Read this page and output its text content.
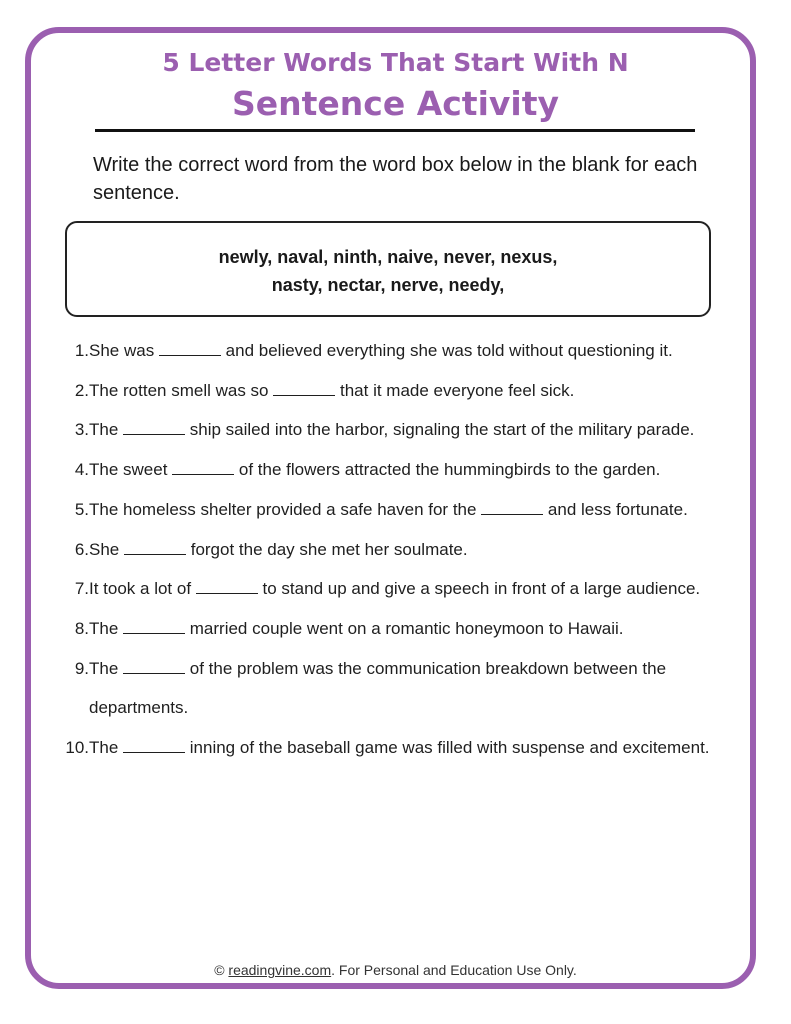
5 Letter Words That Start With N
Sentence Activity
Write the correct word from the word box below in the blank for each sentence.
newly, naval, ninth, naive, never, nexus,
nasty, nectar, nerve, needy,
1. She was	and believed everything she was told without questioning it.
2. The rotten smell was so	that it made everyone feel sick.
3. The	ship sailed into the harbor, signaling the start of the military parade.
4. The sweet	of the flowers attracted the hummingbirds to the garden.
5. The homeless shelter provided a safe haven for the	and less fortunate.
6. She	forgot the day she met her soulmate.
7. It took a lot of	to stand up and give a speech in front of a large audience.
8. The	married couple went on a romantic honeymoon to Hawaii.
9. The	of the problem was the communication breakdown between the departments.
10. The	inning of the baseball game was filled with suspense and excitement.
© readingvine.com. For Personal and Education Use Only.
